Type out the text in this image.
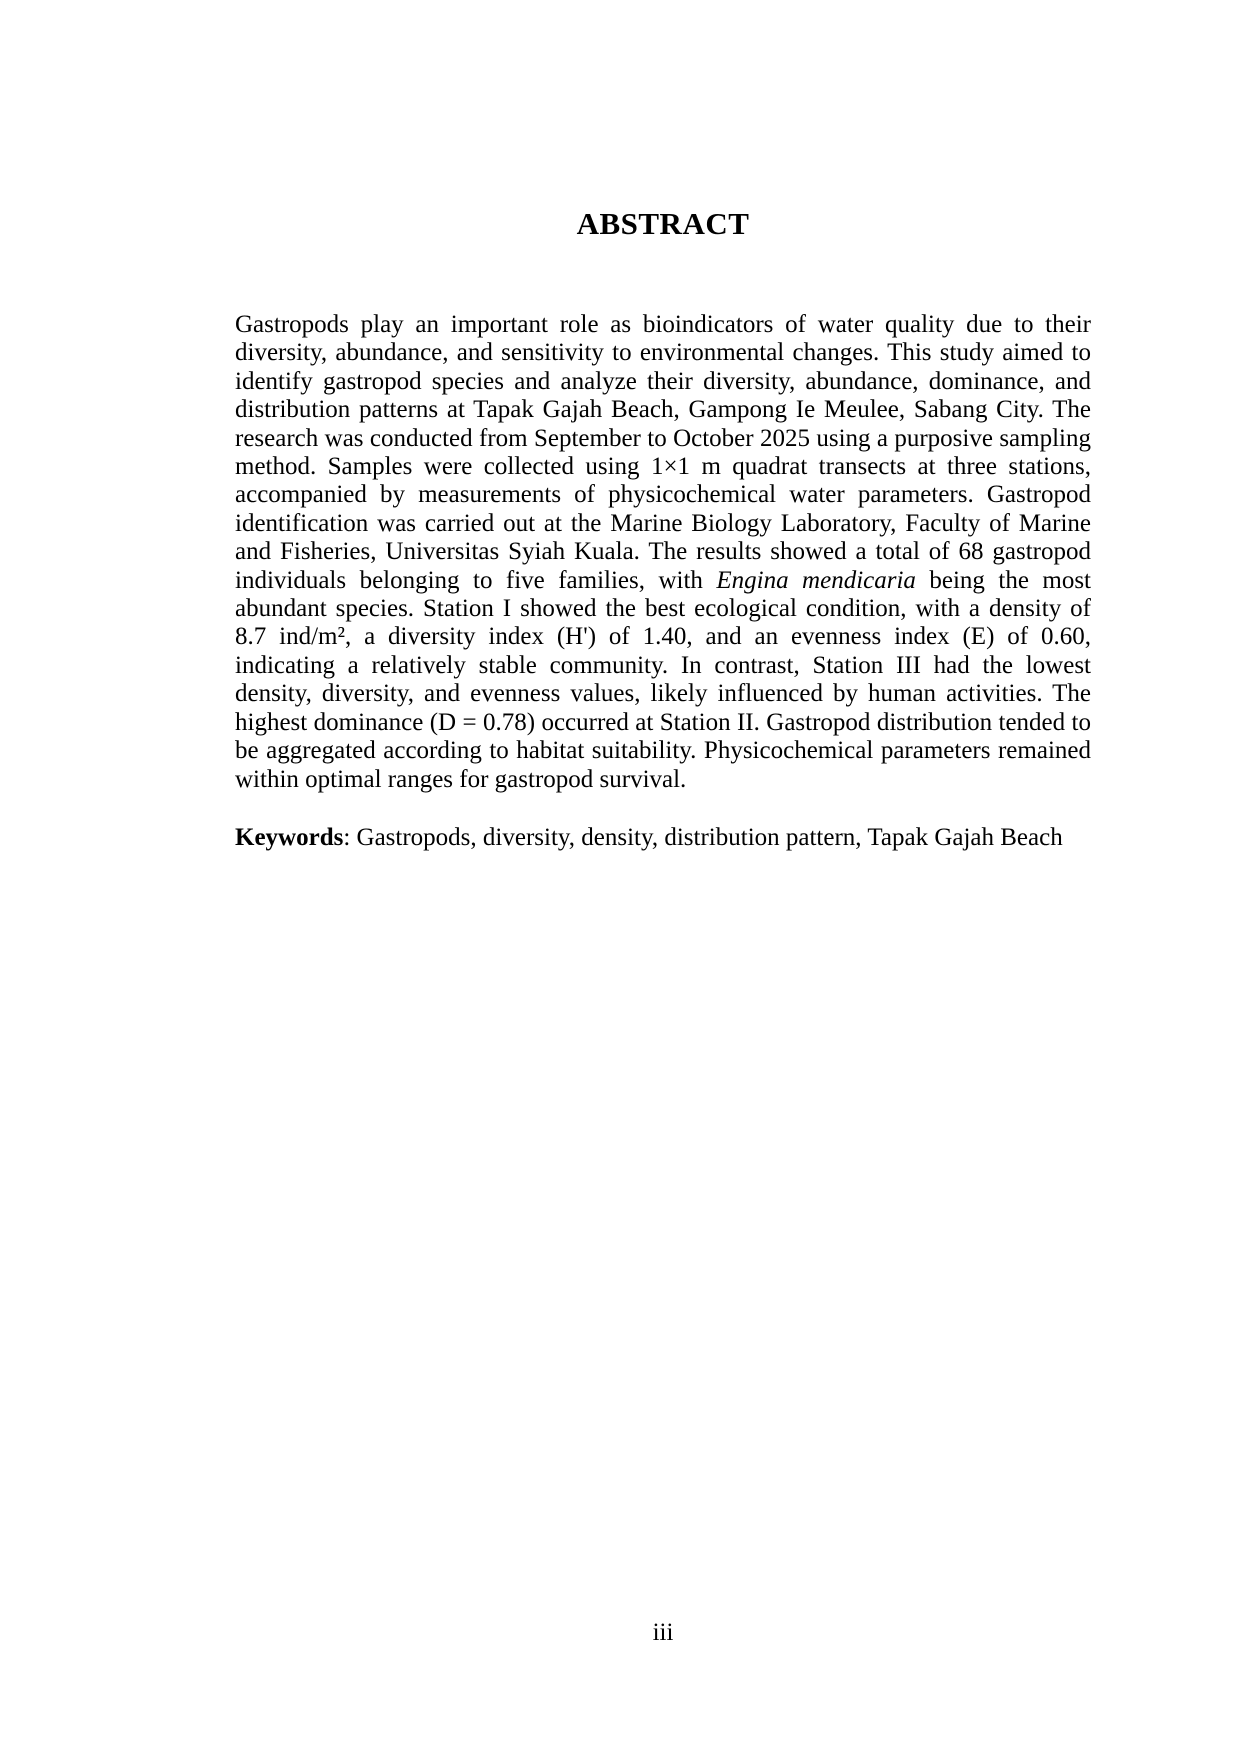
ABSTRACT

Gastropods play an important role as bioindicators of water quality due to their diversity, abundance, and sensitivity to environmental changes. This study aimed to identify gastropod species and analyze their diversity, abundance, dominance, and distribution patterns at Tapak Gajah Beach, Gampong Ie Meulee, Sabang City. The research was conducted from September to October 2025 using a purposive sampling method. Samples were collected using 1×1 m quadrat transects at three stations, accompanied by measurements of physicochemical water parameters. Gastropod identification was carried out at the Marine Biology Laboratory, Faculty of Marine and Fisheries, Universitas Syiah Kuala. The results showed a total of 68 gastropod individuals belonging to five families, with Engina mendicaria being the most abundant species. Station I showed the best ecological condition, with a density of 8.7 ind/m², a diversity index (H') of 1.40, and an evenness index (E) of 0.60, indicating a relatively stable community. In contrast, Station III had the lowest density, diversity, and evenness values, likely influenced by human activities. The highest dominance (D = 0.78) occurred at Station II. Gastropod distribution tended to be aggregated according to habitat suitability. Physicochemical parameters remained within optimal ranges for gastropod survival.

Keywords: Gastropods, diversity, density, distribution pattern, Tapak Gajah Beach

iii
